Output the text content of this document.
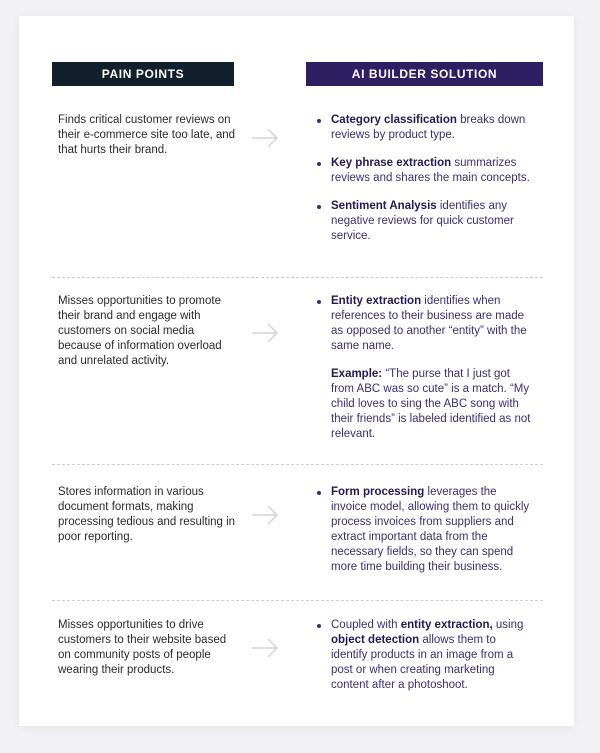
PAIN POINTS	AI BUILDER SOLUTION
Finds critical customer reviews on their e-commerce site too late, and that hurts their brand.
Category classification breaks down reviews by product type.
Key phrase extraction summarizes reviews and shares the main concepts.
Sentiment Analysis identifies any negative reviews for quick customer service.
Misses opportunities to promote their brand and engage with customers on social media because of information overload and unrelated activity.
Entity extraction identifies when references to their business are made as opposed to another “entity” with the same name.
Example: “The purse that I just got from ABC was so cute” is a match. “My child loves to sing the ABC song with their friends” is labeled identified as not relevant.
Stores information in various document formats, making processing tedious and resulting in poor reporting.
Form processing leverages the invoice model, allowing them to quickly process invoices from suppliers and extract important data from the necessary fields, so they can spend more time building their business.
Misses opportunities to drive customers to their website based on community posts of people wearing their products.
Coupled with entity extraction, using object detection allows them to identify products in an image from a post or when creating marketing content after a photoshoot.
